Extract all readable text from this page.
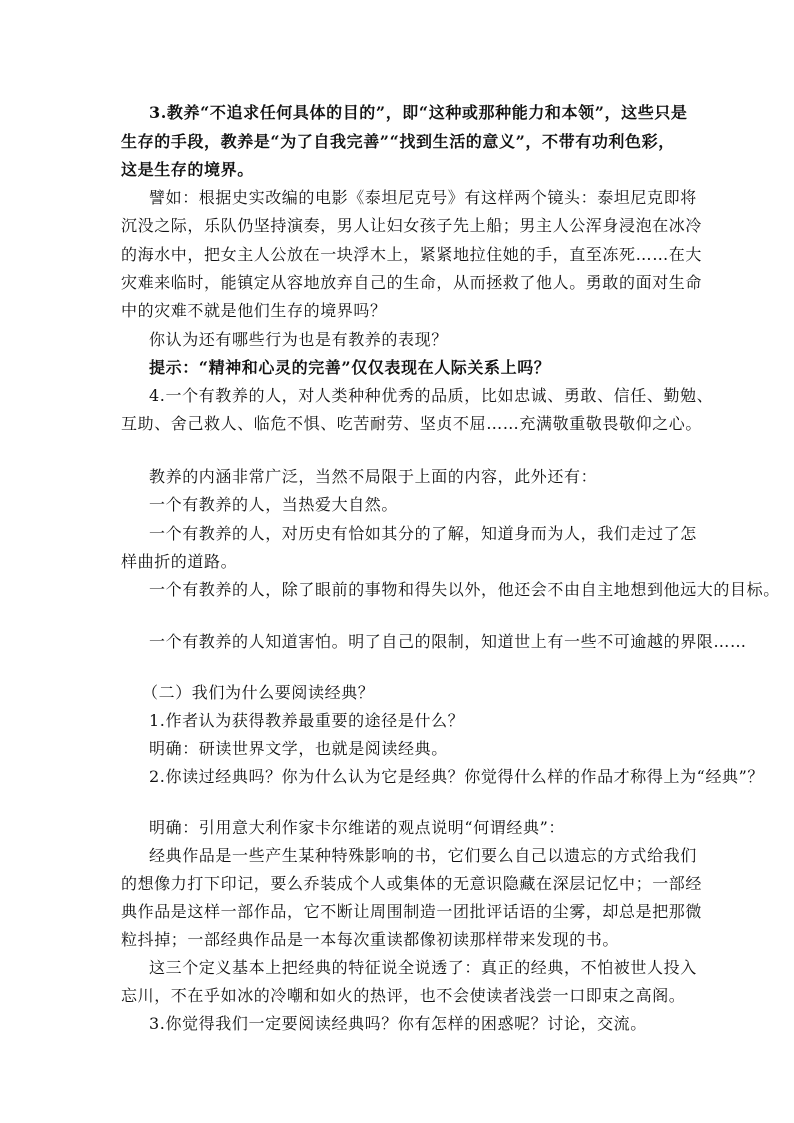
3.教养“不追求任何具体的目的”，即“这种或那种能力和本领”，这些只是
生存的手段，教养是“为了自我完善”“找到生活的意义”，不带有功利色彩，
这是生存的境界。
譬如：根据史实改编的电影《泰坦尼克号》有这样两个镜头：泰坦尼克即将
沉没之际，乐队仍坚持演奏，男人让妇女孩子先上船；男主人公浑身浸泡在冰冷
的海水中，把女主人公放在一块浮木上，紧紧地拉住她的手，直至冻死……在大
灾难来临时，能镇定从容地放弃自己的生命，从而拯救了他人。勇敢的面对生命
中的灾难不就是他们生存的境界吗？
你认为还有哪些行为也是有教养的表现？
提示：“精神和心灵的完善”仅仅表现在人际关系上吗？
4.一个有教养的人，对人类种种优秀的品质，比如忠诚、勇敢、信任、勤勉、
互助、舍己救人、临危不惧、吃苦耐劳、坚贞不屈……充满敬重敬畏敬仰之心。
教养的内涵非常广泛，当然不局限于上面的内容，此外还有：
一个有教养的人，当热爱大自然。
一个有教养的人，对历史有恰如其分的了解，知道身而为人，我们走过了怎
样曲折的道路。
一个有教养的人，除了眼前的事物和得失以外，他还会不由自主地想到他远大的目标。
一个有教养的人知道害怕。明了自己的限制，知道世上有一些不可逾越的界限……
（二）我们为什么要阅读经典？
1.作者认为获得教养最重要的途径是什么？
明确：研读世界文学，也就是阅读经典。
2.你读过经典吗？你为什么认为它是经典？你觉得什么样的作品才称得上为“经典”？
明确：引用意大利作家卡尔维诺的观点说明“何谓经典”：
经典作品是一些产生某种特殊影响的书，它们要么自己以遗忘的方式给我们
的想像力打下印记，要么乔装成个人或集体的无意识隐藏在深层记忆中；一部经
典作品是这样一部作品，它不断让周围制造一团批评话语的尘雾，却总是把那微
粒抖掉；一部经典作品是一本每次重读都像初读那样带来发现的书。
这三个定义基本上把经典的特征说全说透了：真正的经典，不怕被世人投入
忘川，不在乎如冰的冷嘲和如火的热评，也不会使读者浅尝一口即束之高阁。
3.你觉得我们一定要阅读经典吗？你有怎样的困惑呢？讨论，交流。
